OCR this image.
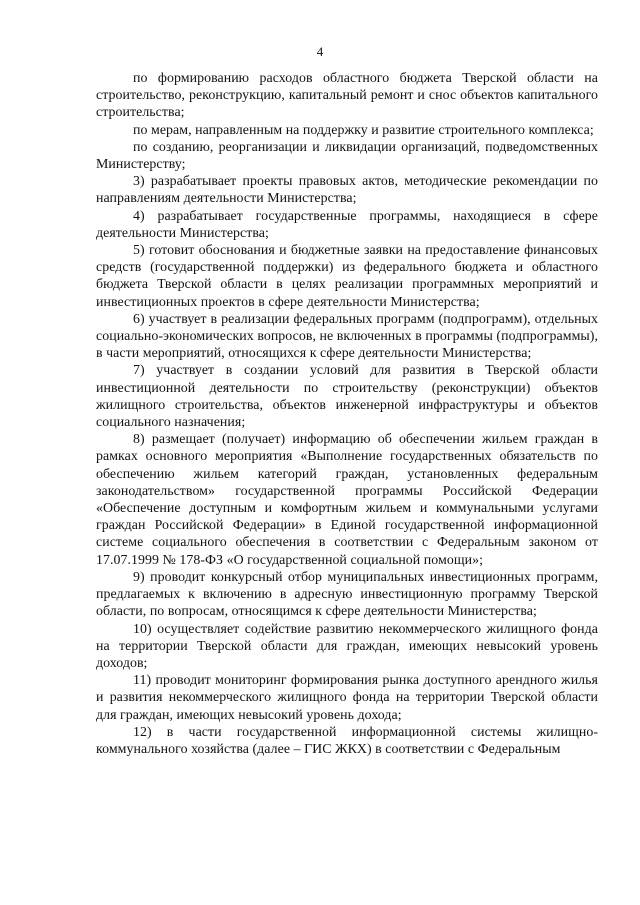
4

по формированию расходов областного бюджета Тверской области на строительство, реконструкцию, капитальный ремонт и снос объектов капитального строительства;

по мерам, направленным на поддержку и развитие строительного комплекса;

по созданию, реорганизации и ликвидации организаций, подведомственных Министерству;

3) разрабатывает проекты правовых актов, методические рекомендации по направлениям деятельности Министерства;

4) разрабатывает государственные программы, находящиеся в сфере деятельности Министерства;

5) готовит обоснования и бюджетные заявки на предоставление финансовых средств (государственной поддержки) из федерального бюджета и областного бюджета Тверской области в целях реализации программных мероприятий и инвестиционных проектов в сфере деятельности Министерства;

6) участвует в реализации федеральных программ (подпрограмм), отдельных социально-экономических вопросов, не включенных в программы (подпрограммы), в части мероприятий, относящихся к сфере деятельности Министерства;

7) участвует в создании условий для развития в Тверской области инвестиционной деятельности по строительству (реконструкции) объектов жилищного строительства, объектов инженерной инфраструктуры и объектов социального назначения;

8) размещает (получает) информацию об обеспечении жильем граждан в рамках основного мероприятия «Выполнение государственных обязательств по обеспечению жильем категорий граждан, установленных федеральным законодательством» государственной программы Российской Федерации «Обеспечение доступным и комфортным жильем и коммунальными услугами граждан Российской Федерации» в Единой государственной информационной системе социального обеспечения в соответствии с Федеральным законом от 17.07.1999 № 178-ФЗ «О государственной социальной помощи»;

9) проводит конкурсный отбор муниципальных инвестиционных программ, предлагаемых к включению в адресную инвестиционную программу Тверской области, по вопросам, относящимся к сфере деятельности Министерства;

10) осуществляет содействие развитию некоммерческого жилищного фонда на территории Тверской области для граждан, имеющих невысокий уровень доходов;

11) проводит мониторинг формирования рынка доступного арендного жилья и развития некоммерческого жилищного фонда на территории Тверской области для граждан, имеющих невысокий уровень дохода;

12) в части государственной информационной системы жилищно-коммунального хозяйства (далее – ГИС ЖКХ) в соответствии с Федеральным
